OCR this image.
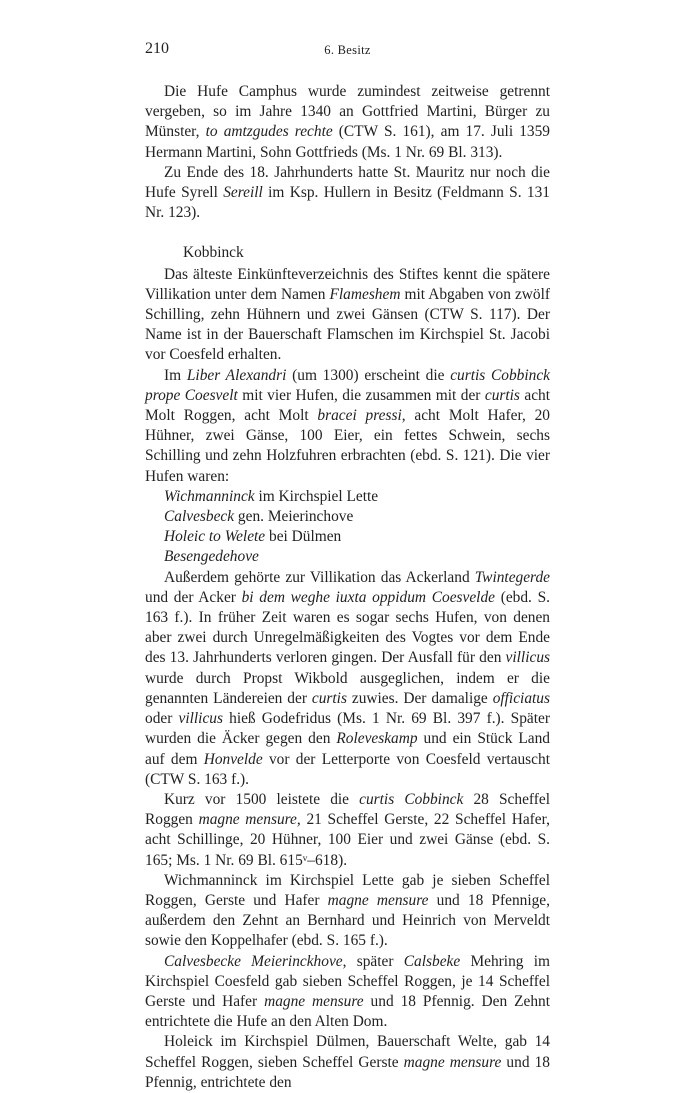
210	6. Besitz

Die Hufe Camphus wurde zumindest zeitweise getrennt vergeben, so im Jahre 1340 an Gottfried Martini, Bürger zu Münster, to amtzgudes rechte (CTW S. 161), am 17. Juli 1359 Hermann Martini, Sohn Gottfrieds (Ms. 1 Nr. 69 Bl. 313).

Zu Ende des 18. Jahrhunderts hatte St. Mauritz nur noch die Hufe Syrell Sereill im Ksp. Hullern in Besitz (Feldmann S. 131 Nr. 123).

Kobbinck

Das älteste Einkünfteverzeichnis des Stiftes kennt die spätere Villikation unter dem Namen Flameshem mit Abgaben von zwölf Schilling, zehn Hühnern und zwei Gänsen (CTW S. 117). Der Name ist in der Bauerschaft Flamschen im Kirchspiel St. Jacobi vor Coesfeld erhalten.

Im Liber Alexandri (um 1300) erscheint die curtis Cobbinck prope Coesvelt mit vier Hufen, die zusammen mit der curtis acht Molt Roggen, acht Molt bracei pressi, acht Molt Hafer, 20 Hühner, zwei Gänse, 100 Eier, ein fettes Schwein, sechs Schilling und zehn Holzfuhren erbrachten (ebd. S. 121). Die vier Hufen waren:

Wichmanninck im Kirchspiel Lette

Calvesbeck gen. Meierinchove

Holeic to Welete bei Dülmen

Besengedehove

Außerdem gehörte zur Villikation das Ackerland Twintegerde und der Acker bi dem weghe iuxta oppidum Coesvelde (ebd. S. 163 f.). In früher Zeit waren es sogar sechs Hufen, von denen aber zwei durch Unregelmäßigkeiten des Vogtes vor dem Ende des 13. Jahrhunderts verloren gingen. Der Ausfall für den villicus wurde durch Propst Wikbold ausgeglichen, indem er die genannten Ländereien der curtis zuwies. Der damalige officiatus oder villicus hieß Godefridus (Ms. 1 Nr. 69 Bl. 397 f.). Später wurden die Äcker gegen den Roleveskamp und ein Stück Land auf dem Honvelde vor der Letterporte von Coesfeld vertauscht (CTW S. 163 f.).

Kurz vor 1500 leistete die curtis Cobbinck 28 Scheffel Roggen magne mensure, 21 Scheffel Gerste, 22 Scheffel Hafer, acht Schillinge, 20 Hühner, 100 Eier und zwei Gänse (ebd. S. 165; Ms. 1 Nr. 69 Bl. 615ᵛ–618).

Wichmanninck im Kirchspiel Lette gab je sieben Scheffel Roggen, Gerste und Hafer magne mensure und 18 Pfennige, außerdem den Zehnt an Bernhard und Heinrich von Merveldt sowie den Koppelhafer (ebd. S. 165 f.).

Calvesbecke Meierinckhove, später Calsbeke Mehring im Kirchspiel Coesfeld gab sieben Scheffel Roggen, je 14 Scheffel Gerste und Hafer magne mensure und 18 Pfennig. Den Zehnt entrichtete die Hufe an den Alten Dom.

Holeick im Kirchspiel Dülmen, Bauerschaft Welte, gab 14 Scheffel Roggen, sieben Scheffel Gerste magne mensure und 18 Pfennig, entrichtete den
